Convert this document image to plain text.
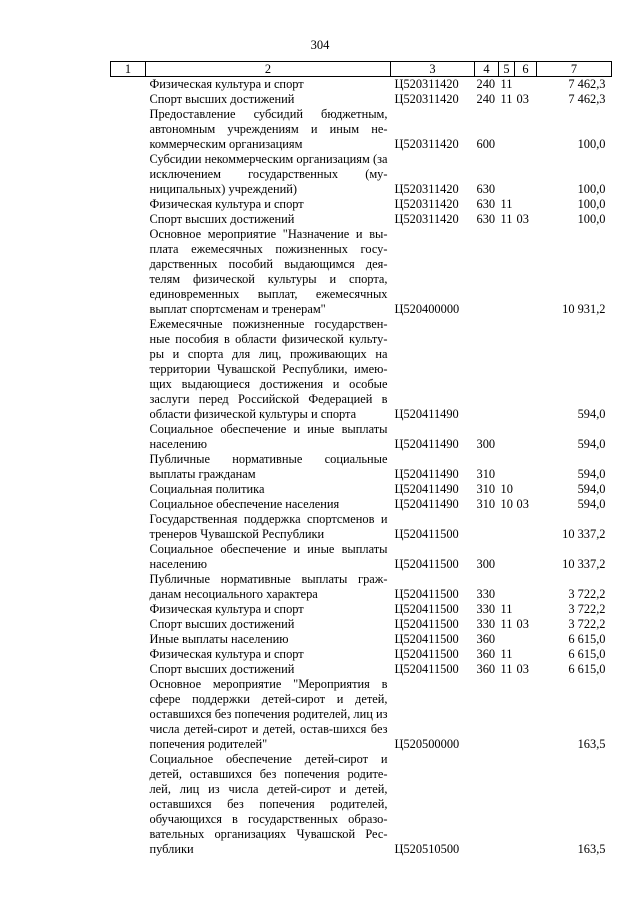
304
1	2	3	4	5	6	7
	Физическая культура и спорт	Ц520311420	240	11		7 462,3
	Спорт высших достижений	Ц520311420	240	11	03	7 462,3
	Предоставление субсидий бюджетным, автономным учреждениям и иным не-коммерческим организациям	Ц520311420	600			100,0
	Субсидии некоммерческим организациям (за исключением государственных (му-ниципальных) учреждений)	Ц520311420	630			100,0
	Физическая культура и спорт	Ц520311420	630	11		100,0
	Спорт высших достижений	Ц520311420	630	11	03	100,0
	Основное мероприятие "Назначение и вы-плата ежемесячных пожизненных госу-дарственных пособий выдающимся дея-телям физической культуры и спорта, единовременных выплат, ежемесячных выплат спортсменам и тренерам"	Ц520400000				10 931,2
	Ежемесячные пожизненные государствен-ные пособия в области физической культу-ры и спорта для лиц, проживающих на территории Чувашской Республики, имею-щих выдающиеся достижения и особые заслуги перед Российской Федерацией в области физической культуры и спорта	Ц520411490				594,0
	Социальное обеспечение и иные выплаты населению	Ц520411490	300			594,0
	Публичные нормативные социальные выплаты гражданам	Ц520411490	310			594,0
	Социальная политика	Ц520411490	310	10		594,0
	Социальное обеспечение населения	Ц520411490	310	10	03	594,0
	Государственная поддержка спортсменов и тренеров Чувашской Республики	Ц520411500				10 337,2
	Социальное обеспечение и иные выплаты населению	Ц520411500	300			10 337,2
	Публичные нормативные выплаты граж-данам несоциального характера	Ц520411500	330			3 722,2
	Физическая культура и спорт	Ц520411500	330	11		3 722,2
	Спорт высших достижений	Ц520411500	330	11	03	3 722,2
	Иные выплаты населению	Ц520411500	360			6 615,0
	Физическая культура и спорт	Ц520411500	360	11		6 615,0
	Спорт высших достижений	Ц520411500	360	11	03	6 615,0
	Основное мероприятие "Мероприятия в сфере поддержки детей-сирот и детей, оставшихся без попечения родителей, лиц из числа детей-сирот и детей, остав-шихся без попечения родителей"	Ц520500000				163,5
	Социальное обеспечение детей-сирот и детей, оставшихся без попечения родите-лей, лиц из числа детей-сирот и детей, оставшихся без попечения родителей, обучающихся в государственных образо-вательных организациях Чувашской Рес-публики	Ц520510500				163,5
